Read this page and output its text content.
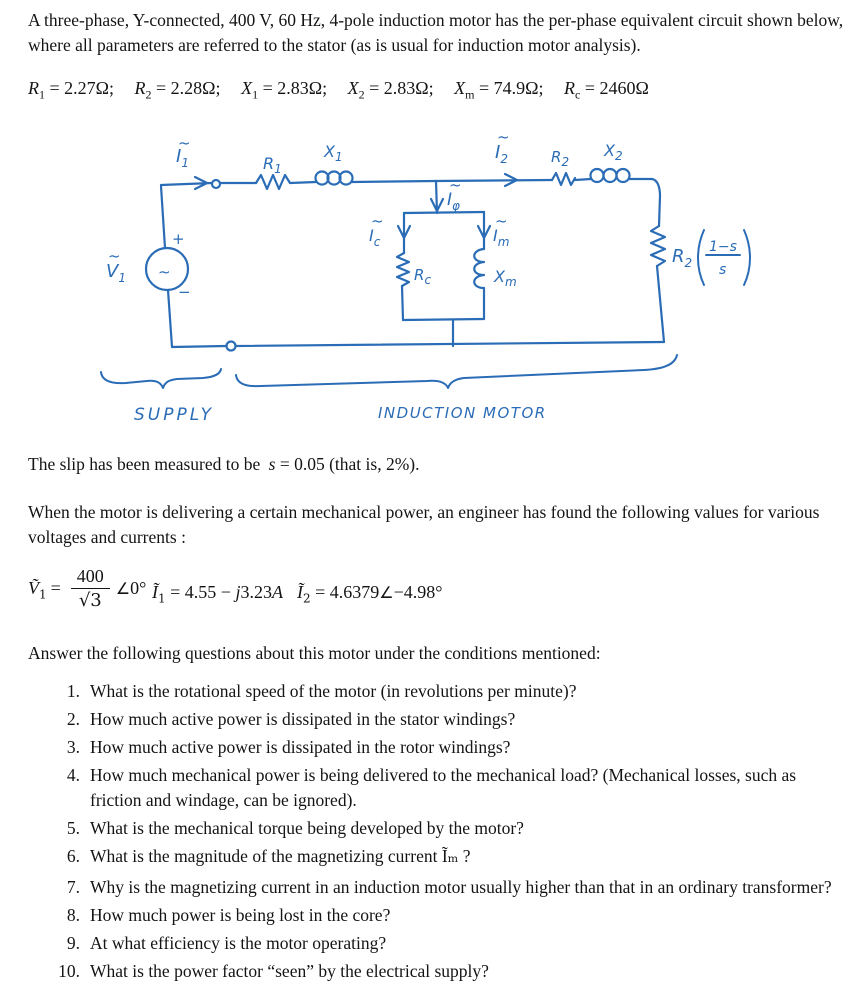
A three-phase, Y-connected, 400 V, 60 Hz, 4-pole induction motor has the per-phase equivalent circuit shown below, where all parameters are referred to the stator (as is usual for induction motor analysis).
$R_1 = 2.27\Omega$; $R_2 = 2.28\Omega$; $X_1 = 2.83\Omega$; $X_2 = 2.83\Omega$; $X_m = 74.9\Omega$; $R_c = 2460\Omega$
~
$I_1$	$R_1$
$X_1$
~
$I_2$	$R_2$
$X_2$
~
$I_\varphi$
~
$I_c$
~
$I_m$
$R_c$	$X_m$
~
$V_1$ ∼
+
−
$R_2$
1−s
s
SUPPLY	INDUCTION MOTOR
The slip has been measured to be s = 0.05 (that is, 2%).
When the motor is delivering a certain mechanical power, an engineer has found the following values for various voltages and currents :
Ṽ$_1$ = $\frac{400}{√3}$ ∠ 0° $Ĩ_1 = 4.55 - j3.23A$ $Ĩ_2$ = 4.6379∠−4.98°
Answer the following questions about this motor under the conditions mentioned:
1. What is the rotational speed of the motor (in revolutions per minute)?
2. How much active power is dissipated in the stator windings?
3. How much active power is dissipated in the rotor windings?
4. How much mechanical power is being delivered to the mechanical load? (Mechanical losses, such as friction and windage, can be ignored).
5. What is the mechanical torque being developed by the motor?
6. What is the magnitude of the magnetizing current Ĩₘ ?
7. Why is the magnetizing current in an induction motor usually higher than that in an ordinary transformer?
8. How much power is being lost in the core?
9. At what efficiency is the motor operating?
10. What is the power factor “seen” by the electrical supply?
